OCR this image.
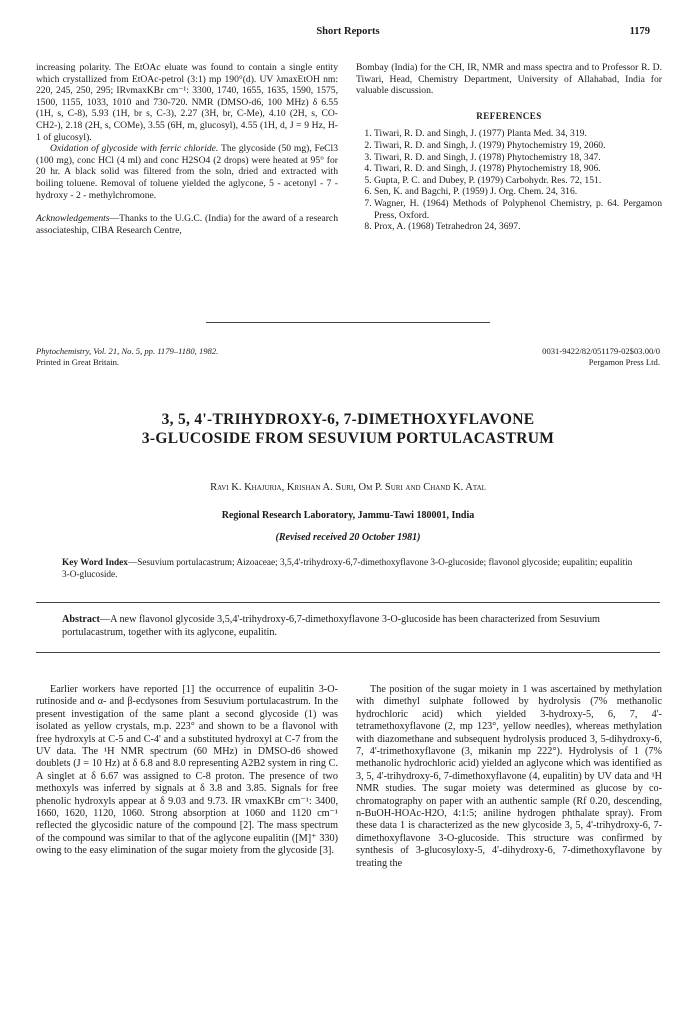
Short Reports	1179

increasing polarity. The EtOAc eluate was found to contain a single entity which crystallized from EtOAc-petrol (3:1) mp 190°(d). UV λmaxEtOH nm: 220, 245, 250, 295; IRνmaxKBr cm⁻¹: 3300, 1740, 1655, 1635, 1590, 1575, 1500, 1155, 1033, 1010 and 730-720. NMR (DMSO-d6, 100 MHz) δ 6.55 (1H, s, C-8), 5.93 (1H, br s, C-3), 2.27 (3H, br, C-Me), 4.10 (2H, s, CO-CH2-), 2.18 (2H, s, COMe), 3.55 (6H, m, glucosyl), 4.55 (1H, d, J = 9 Hz, H-1 of glucosyl).

Oxidation of glycoside with ferric chloride. The glycoside (50 mg), FeCl3 (100 mg), conc HCl (4 ml) and conc H2SO4 (2 drops) were heated at 95° for 20 hr. A black solid was filtered from the soln, dried and extracted with boiling toluene. Removal of toluene yielded the aglycone, 5 - acetonyl - 7 - hydroxy - 2 - methylchromone.

Acknowledgements—Thanks to the U.G.C. (India) for the award of a research associateship, CIBA Research Centre,

Bombay (India) for the CH, IR, NMR and mass spectra and to Professor R. D. Tiwari, Head, Chemistry Department, University of Allahabad, India for valuable discussion.

REFERENCES
1. Tiwari, R. D. and Singh, J. (1977) Planta Med. 34, 319.
2. Tiwari, R. D. and Singh, J. (1979) Phytochemistry 19, 2060.
3. Tiwari, R. D. and Singh, J. (1978) Phytochemistry 18, 347.
4. Tiwari, R. D. and Singh, J. (1978) Phytochemistry 18, 906.
5. Gupta, P. C. and Dubey, P. (1979) Carbohydr. Res. 72, 151.
6. Sen, K. and Bagchi, P. (1959) J. Org. Chem. 24, 316.
7. Wagner, H. (1964) Methods of Polyphenol Chemistry, p. 64. Pergamon Press, Oxford.
8. Prox, A. (1968) Tetrahedron 24, 3697.
Phytochemistry, Vol. 21, No. 5, pp. 1179–1180, 1982.
Printed in Great Britain.
0031-9422/82/051179-02$03.00/0
Pergamon Press Ltd.
3, 5, 4'-TRIHYDROXY-6, 7-DIMETHOXYFLAVONE
3-GLUCOSIDE FROM SESUVIUM PORTULACASTRUM
Ravi K. Khajuria, Krishan A. Suri, Om P. Suri and Chand K. Atal
Regional Research Laboratory, Jammu-Tawi 180001, India
(Revised received 20 October 1981)
Key Word Index—Sesuvium portulacastrum; Aizoaceae; 3,5,4'-trihydroxy-6,7-dimethoxyflavone 3-O-glucoside; flavonol glycoside; eupalitin; eupalitin 3-O-glucoside.
Abstract—A new flavonol glycoside 3,5,4'-trihydroxy-6,7-dimethoxyflavone 3-O-glucoside has been characterized from Sesuvium portulacastrum, together with its aglycone, eupalitin.

Earlier workers have reported [1] the occurrence of eupalitin 3-O-rutinoside and α- and β-ecdysones from Sesuvium portulacastrum. In the present investigation of the same plant a second glycoside (1) was isolated as yellow crystals, m.p. 223° and shown to be a flavonol with free hydroxyls at C-5 and C-4' and a substituted hydroxyl at C-7 from the UV data. The ¹H NMR spectrum (60 MHz) in DMSO-d6 showed doublets (J = 10 Hz) at δ 6.8 and 8.0 representing A2B2 system in ring C. A singlet at δ 6.67 was assigned to C-8 proton. The presence of two methoxyls was inferred by signals at δ 3.8 and 3.85. Signals for free phenolic hydroxyls appear at δ 9.03 and 9.73. IR νmaxKBr cm⁻¹: 3400, 1660, 1620, 1120, 1060. Strong absorption at 1060 and 1120 cm⁻¹ reflected the glycosidic nature of the compound [2]. The mass spectrum of the compound was similar to that of the aglycone eupalitin ([M]⁺ 330) owing to the easy elimination of the sugar moiety from the glycoside [3].

The position of the sugar moiety in 1 was ascertained by methylation with dimethyl sulphate followed by hydrolysis (7% methanolic hydrochloric acid) which yielded 3-hydroxy-5, 6, 7, 4'-tetramethoxyflavone (2, mp 123°, yellow needles), whereas methylation with diazomethane and subsequent hydrolysis produced 3, 5-dihydroxy-6, 7, 4'-trimethoxyflavone (3, mikanin mp 222°). Hydrolysis of 1 (7% methanolic hydrochloric acid) yielded an aglycone which was identified as 3, 5, 4'-trihydroxy-6, 7-dimethoxyflavone (4, eupalitin) by UV data and ¹H NMR studies. The sugar moiety was determined as glucose by co-chromatography on paper with an authentic sample (Rf 0.20, descending, n-BuOH-HOAc-H2O, 4:1:5; aniline hydrogen phthalate spray). From these data 1 is characterized as the new glycoside 3, 5, 4'-trihydroxy-6, 7-dimethoxyflavone 3-O-glucoside. This structure was confirmed by synthesis of 3-glucosyloxy-5, 4'-dihydroxy-6, 7-dimethoxyflavone by treating the
